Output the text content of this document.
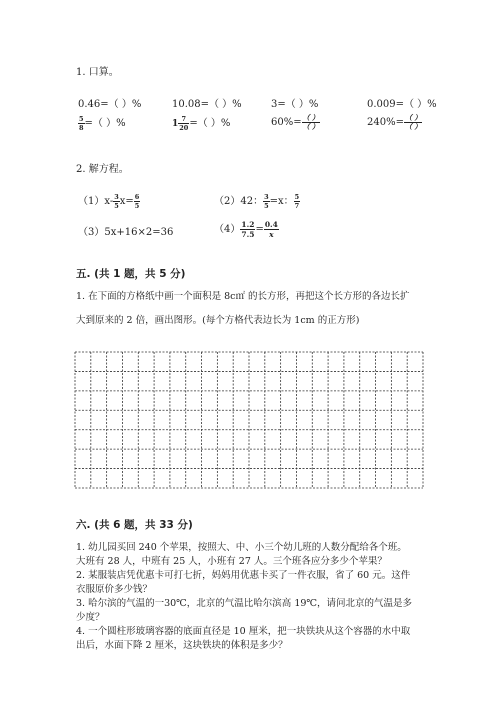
1. 口算。
0.46=（ ）%	10.08=（ ）%	3=（ ）%	0.009=（ ）%
$\frac{5}{8}$ =（ ）%	$1 \frac{7}{20}$ =（ ）%	$60\%= \frac{( )}{( )}$	$240\%= \frac{( )}{( )}$
2. 解方程。
$(1)x- \frac{3}{5} x= \frac{6}{5}$	（2）42： $\frac{3}{5} =x$： $\frac{5}{7}$
（3）5x+16×2=36	$(4) \frac{1.2}{7.5} = \frac{0.4}{x}$
五. (共 1 题，共 5 分)
1. 在下面的方格纸中画一个面积是 8c㎡ 的长方形，再把这个长方形的各边长扩
大到原来的 2 倍，画出图形。(每个方格代表边长为 1cm 的正方形)
六. (共 6 题，共 33 分)
1. 幼儿园买回 240 个苹果，按照大、中、小三个幼儿班的人数分配给各个班。
大班有 28 人，中班有 25 人，小班有 27 人。三个班各应分多少个苹果？
2. 某服装店凭优惠卡可打七折，妈妈用优惠卡买了一件衣服，省了 60 元。这件
衣服原价多少钱？
3. 哈尔滨的气温的一30℃，北京的气温比哈尔滨高 19℃，请问北京的气温是多
少度？
4. 一个圆柱形玻璃容器的底面直径是 10 厘米，把一块铁块从这个容器的水中取
出后，水面下降 2 厘米，这块铁块的体积是多少？
